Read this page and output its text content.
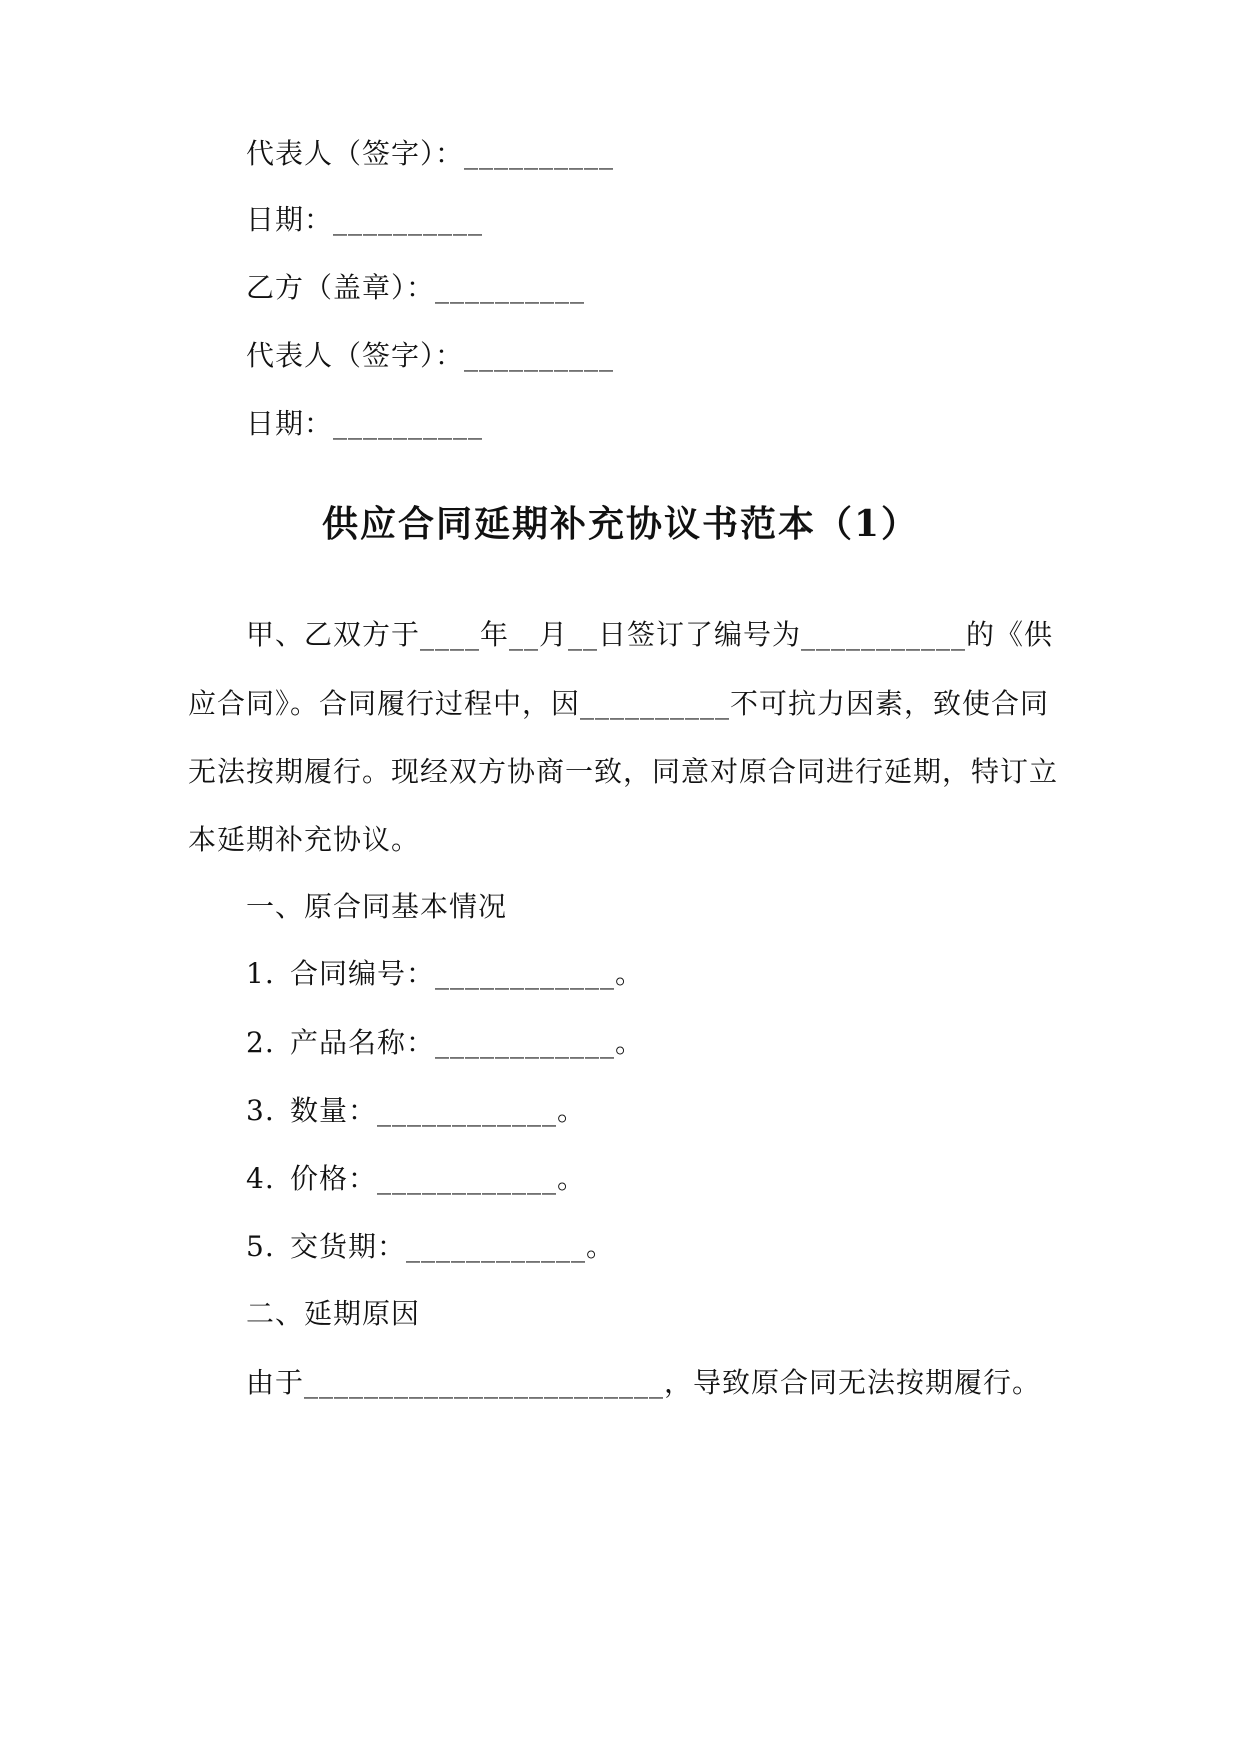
代表人（签字）：__________
日期：__________
乙方（盖章）：__________
代表人（签字）：__________
日期：__________
供应合同延期补充协议书范本（1）
甲、乙双方于____年__月__日签订了编号为___________的《供
应合同》。合同履行过程中，因__________不可抗力因素，致使合同
无法按期履行。现经双方协商一致，同意对原合同进行延期，特订立
本延期补充协议。
一、原合同基本情况
1. 合同编号：____________。
2. 产品名称：____________。
3. 数量：____________。
4. 价格：____________。
5. 交货期：____________。
二、延期原因
由于________________________，导致原合同无法按期履行。
